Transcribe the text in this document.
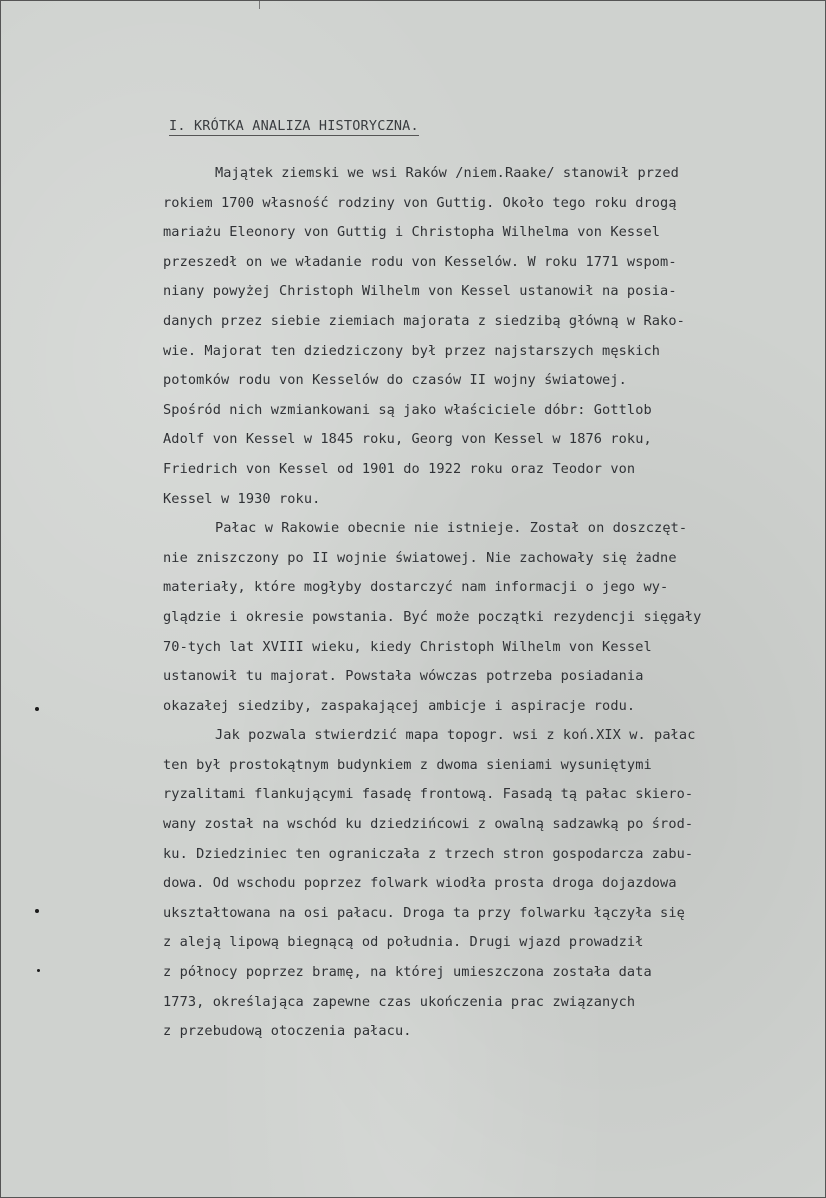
I. KRÓTKA ANALIZA HISTORYCZNA.
Majątek ziemski we wsi Raków /niem.Raake/ stanowił przed
rokiem 1700 własność rodziny von Guttig. Około tego roku drogą
mariażu Eleonory von Guttig i Christopha Wilhelma von Kessel
przeszedł on we władanie rodu von Kesselów. W roku 1771 wspom-
niany powyżej Christoph Wilhelm von Kessel ustanowił na posia-
danych przez siebie ziemiach majorata z siedzibą główną w Rako-
wie. Majorat ten dziedziczony był przez najstarszych męskich
potomków rodu von Kesselów do czasów II wojny światowej.
Spośród nich wzmiankowani są jako właściciele dóbr: Gottlob
Adolf von Kessel w 1845 roku, Georg von Kessel w 1876 roku,
Friedrich von Kessel od 1901 do 1922 roku oraz Teodor von
Kessel w 1930 roku.
Pałac w Rakowie obecnie nie istnieje. Został on doszczęt-
nie zniszczony po II wojnie światowej. Nie zachowały się żadne
materiały, które mogłyby dostarczyć nam informacji o jego wy-
glądzie i okresie powstania. Być może początki rezydencji sięgały
70-tych lat XVIII wieku, kiedy Christoph Wilhelm von Kessel
ustanowił tu majorat. Powstała wówczas potrzeba posiadania
okazałej siedziby, zaspakającej ambicje i aspiracje rodu.
Jak pozwala stwierdzić mapa topogr. wsi z koń.XIX w. pałac
ten był prostokątnym budynkiem z dwoma sieniami wysuniętymi
ryzalitami flankującymi fasadę frontową. Fasadą tą pałac skiero-
wany został na wschód ku dziedzińcowi z owalną sadzawką po środ-
ku. Dziedziniec ten ograniczała z trzech stron gospodarcza zabu-
dowa. Od wschodu poprzez folwark wiodła prosta droga dojazdowa
ukształtowana na osi pałacu. Droga ta przy folwarku łączyła się
z aleją lipową biegnącą od południa. Drugi wjazd prowadził
z północy poprzez bramę, na której umieszczona została data
1773, określająca zapewne czas ukończenia prac związanych
z przebudową otoczenia pałacu.
